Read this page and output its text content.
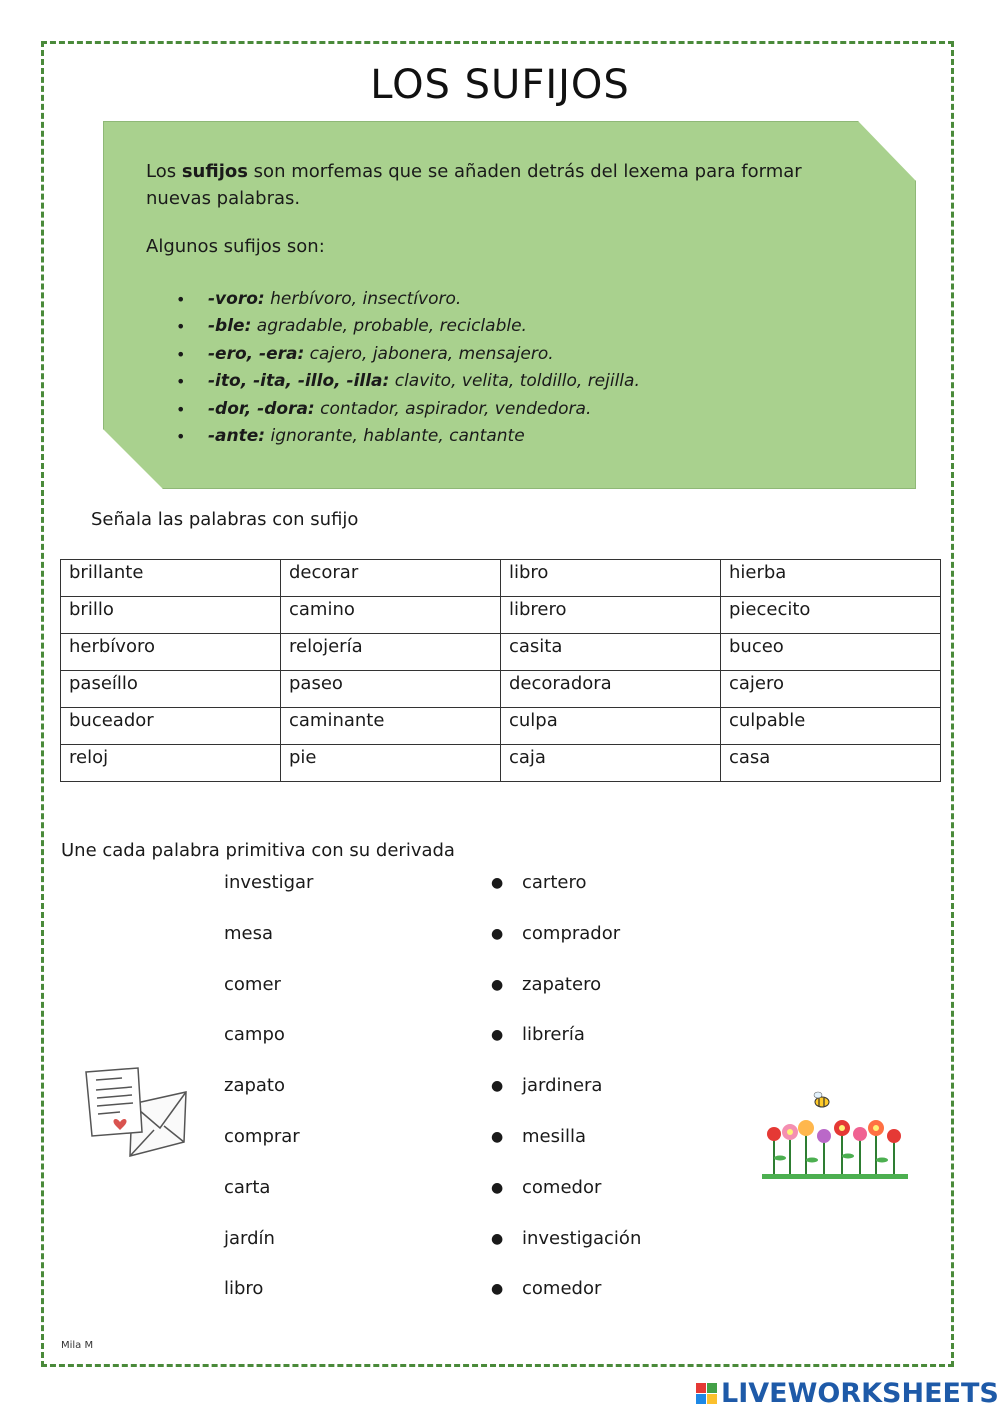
LOS SUFIJOS
Los sufijos son morfemas que se añaden detrás del lexema para formar nuevas palabras.
Algunos sufijos son:
• -voro: herbívoro, insectívoro.
• -ble: agradable, probable, reciclable.
• -ero, -era: cajero, jabonera, mensajero.
• -ito, -ita, -illo, -illa: clavito, velita, toldillo, rejilla.
• -dor, -dora: contador, aspirador, vendedora.
• -ante: ignorante, hablante, cantante
Señala las palabras con sufijo
brillante	decorar	libro	hierba
brillo	camino	librero	piececito
herbívoro	relojería	casita	buceo
paseíllo	paseo	decoradora	cajero
buceador	caminante	culpa	culpable
reloj	pie	caja	casa
Une cada palabra primitiva con su derivada
investigar
mesa
comer
campo
zapato
comprar
carta
jardín
libro
● cartero
● comprador
● zapatero
● librería
● jardinera
● mesilla
● comedor
● investigación
● comedor
Mila M
LIVEWORKSHEETS
